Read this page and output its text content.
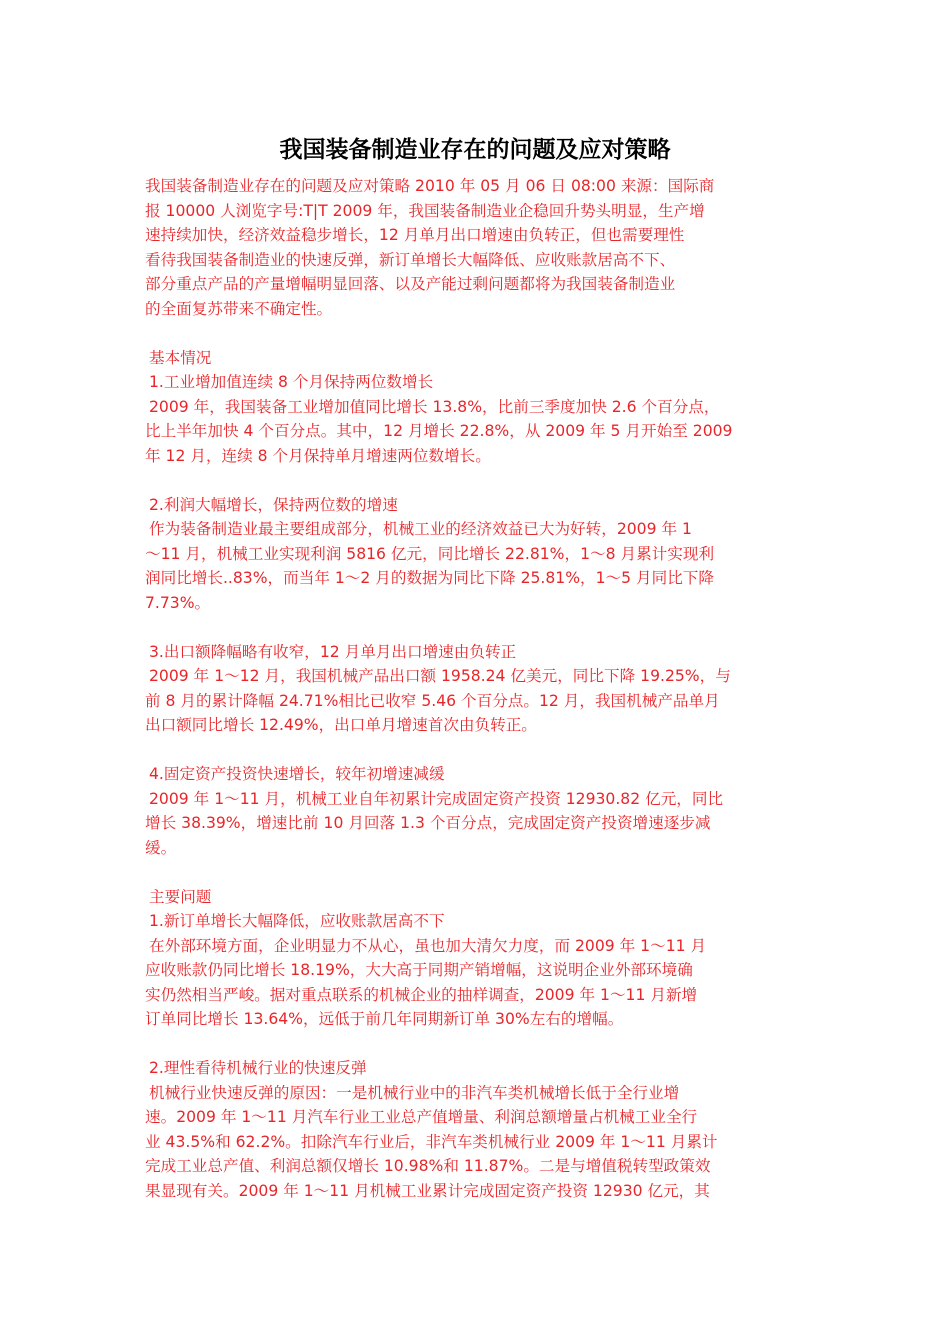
我国装备制造业存在的问题及应对策略
我国装备制造业存在的问题及应对策略 2010 年 05 月 06 日 08:00 来源：国际商
报 10000 人浏览字号:T|T 2009 年，我国装备制造业企稳回升势头明显，生产增
速持续加快，经济效益稳步增长，12 月单月出口增速由负转正，但也需要理性
看待我国装备制造业的快速反弹，新订单增长大幅降低、应收账款居高不下、
部分重点产品的产量增幅明显回落、以及产能过剩问题都将为我国装备制造业
的全面复苏带来不确定性。
基本情况
1.工业增加值连续 8 个月保持两位数增长
2009 年，我国装备工业增加值同比增长 13.8%，比前三季度加快 2.6 个百分点，
比上半年加快 4 个百分点。其中，12 月增长 22.8%，从 2009 年 5 月开始至 2009
年 12 月，连续 8 个月保持单月增速两位数增长。
2.利润大幅增长，保持两位数的增速
作为装备制造业最主要组成部分，机械工业的经济效益已大为好转，2009 年 1
～11 月，机械工业实现利润 5816 亿元，同比增长 22.81%，1～8 月累计实现利
润同比增长..83%，而当年 1～2 月的数据为同比下降 25.81%，1～5 月同比下降
7.73%。
3.出口额降幅略有收窄，12 月单月出口增速由负转正
2009 年 1～12 月，我国机械产品出口额 1958.24 亿美元，同比下降 19.25%，与
前 8 月的累计降幅 24.71%相比已收窄 5.46 个百分点。12 月，我国机械产品单月
出口额同比增长 12.49%，出口单月增速首次由负转正。
4.固定资产投资快速增长，较年初增速减缓
2009 年 1～11 月，机械工业自年初累计完成固定资产投资 12930.82 亿元，同比
增长 38.39%，增速比前 10 月回落 1.3 个百分点，完成固定资产投资增速逐步减
缓。
主要问题
1.新订单增长大幅降低，应收账款居高不下
在外部环境方面，企业明显力不从心，虽也加大清欠力度，而 2009 年 1～11 月
应收账款仍同比增长 18.19%，大大高于同期产销增幅，这说明企业外部环境确
实仍然相当严峻。据对重点联系的机械企业的抽样调查，2009 年 1～11 月新增
订单同比增长 13.64%，远低于前几年同期新订单 30%左右的增幅。
2.理性看待机械行业的快速反弹
机械行业快速反弹的原因：一是机械行业中的非汽车类机械增长低于全行业增
速。2009 年 1～11 月汽车行业工业总产值增量、利润总额增量占机械工业全行
业 43.5%和 62.2%。扣除汽车行业后，非汽车类机械行业 2009 年 1～11 月累计
完成工业总产值、利润总额仅增长 10.98%和 11.87%。二是与增值税转型政策效
果显现有关。2009 年 1～11 月机械工业累计完成固定资产投资 12930 亿元，其
